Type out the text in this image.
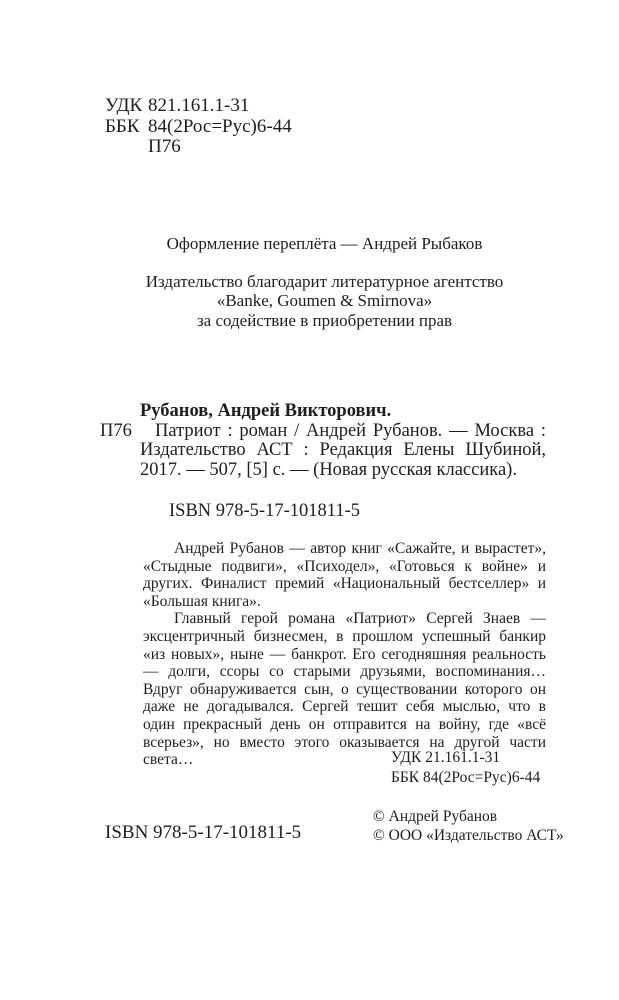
УДК 821.161.1-31
ББК 84(2Рос=Рус)6-44
П76
Оформление переплёта — Андрей Рыбаков
Издательство благодарит литературное агентство
«Banke, Goumen & Smirnova»
за содействие в приобретении прав
Рубанов, Андрей Викторович.
П76	Патриот : роман / Андрей Рубанов. — Москва : Издательство АСТ : Редакция Елены Шубиной, 2017. — 507, [5] с. — (Новая русская классика).

ISBN 978-5-17-101811-5

Андрей Рубанов — автор книг «Сажайте, и вырастет», «Стыдные подвиги», «Психодел», «Готовься к войне» и других. Финалист премий «Национальный бестселлер» и «Большая книга».

Главный герой романа «Патриот» Сергей Знаев — эксцентричный бизнесмен, в прошлом успешный банкир «из новых», ныне — банкрот. Его сегодняшняя реальность — долги, ссоры со старыми друзьями, воспоминания… Вдруг обнаруживается сын, о существовании которого он даже не догадывался. Сергей тешит себя мыслью, что в один прекрасный день он отправится на войну, где «всё всерьез», но вместо этого оказывается на другой части света…	УДК 21.161.1-31
ББК 84(2Рос=Рус)6-44
ISBN 978-5-17-101811-5
© Андрей Рубанов
© ООО «Издательство АСТ»
